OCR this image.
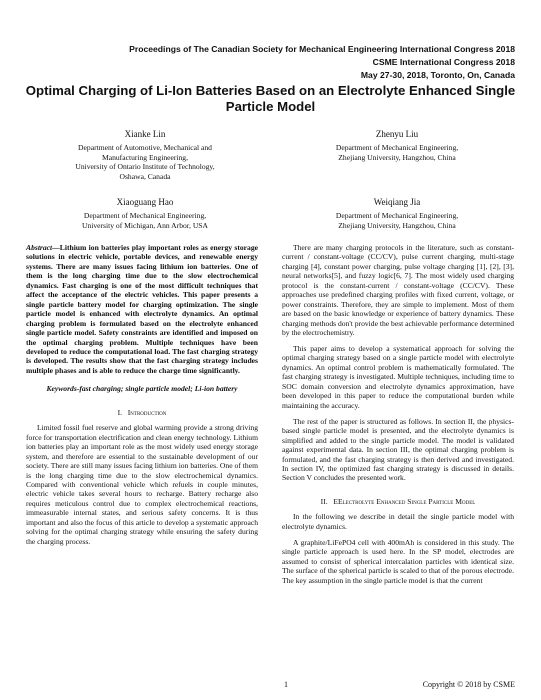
Proceedings of The Canadian Society for Mechanical Engineering International Congress 2018
CSME International Congress 2018
May 27-30, 2018, Toronto, On, Canada
Optimal Charging of Li-Ion Batteries Based on an Electrolyte Enhanced Single Particle Model
Xianke Lin
Department of Automotive, Mechanical and
Manufacturing Engineering,
University of Ontario Institute of Technology,
Oshawa, Canada
Zhenyu Liu
Department of Mechanical Engineering,
Zhejiang University, Hangzhou, China
Xiaoguang Hao
Department of Mechanical Engineering,
University of Michigan, Ann Arbor, USA
Weiqiang Jia
Department of Mechanical Engineering,
Zhejiang University, Hangzhou, China

Abstract—Lithium ion batteries play important roles as energy storage solutions in electric vehicle, portable devices, and renewable energy systems. There are many issues facing lithium ion batteries. One of them is the long charging time due to the slow electrochemical dynamics. Fast charging is one of the most difficult techniques that affect the acceptance of the electric vehicles. This paper presents a single particle battery model for charging optimization. The single particle model is enhanced with electrolyte dynamics. An optimal charging problem is formulated based on the electrolyte enhanced single particle model. Safety constraints are identified and imposed on the optimal charging problem. Multiple techniques have been developed to reduce the computational load. The fast charging strategy is developed. The results show that the fast charging strategy includes multiple phases and is able to reduce the charge time significantly.

Keywords-fast charging; single particle model; Li-ion battery

I. Introduction

Limited fossil fuel reserve and global warming provide a strong driving force for transportation electrification and clean energy technology. Lithium ion batteries play an important role as the most widely used energy storage system, and therefore are essential to the sustainable development of our society. There are still many issues facing lithium ion batteries. One of them is the long charging time due to the slow electrochemical dynamics. Compared with conventional vehicle which refuels in couple minutes, electric vehicle takes several hours to recharge. Battery recharge also requires meticulous control due to complex electrochemical reactions, immeasurable internal states, and serious safety concerns. It is thus important and also the focus of this article to develop a systematic approach solving for the optimal charging strategy while ensuring the safety during the charging process.

There are many charging protocols in the literature, such as constant-current / constant-voltage (CC/CV), pulse current charging, multi-stage charging [4], constant power charging, pulse voltage charging [1], [2], [3], neural networks[5], and fuzzy logic[6, 7]. The most widely used charging protocol is the constant-current / constant-voltage (CC/CV). These approaches use predefined charging profiles with fixed current, voltage, or power constraints. Therefore, they are simple to implement. Most of them are based on the basic knowledge or experience of battery dynamics. These charging methods don't provide the best achievable performance determined by the electrochemistry.

This paper aims to develop a systematical approach for solving the optimal charging strategy based on a single particle model with electrolyte dynamics. An optimal control problem is mathematically formulated. The fast charging strategy is investigated. Multiple techniques, including time to SOC domain conversion and electrolyte dynamics approximation, have been developed in this paper to reduce the computational burden while maintaining the accuracy.

The rest of the paper is structured as follows. In section II, the physics-based single particle model is presented, and the electrolyte dynamics is simplified and added to the single particle model. The model is validated against experimental data. In section III, the optimal charging problem is formulated, and the fast charging strategy is then derived and investigated. In section IV, the optimized fast charging strategy is discussed in details. Section V concludes the presented work.

II. EElectrolyte Enhanced Single Particle Model

In the following we describe in detail the single particle model with electrolyte dynamics.

A graphite/LiFePO4 cell with 400mAh is considered in this study. The single particle approach is used here. In the SP model, electrodes are assumed to consist of spherical intercalation particles with identical size. The surface of the spherical particle is scaled to that of the porous electrode. The key assumption in the single particle model is that the current

1	Copyright © 2018 by CSME
